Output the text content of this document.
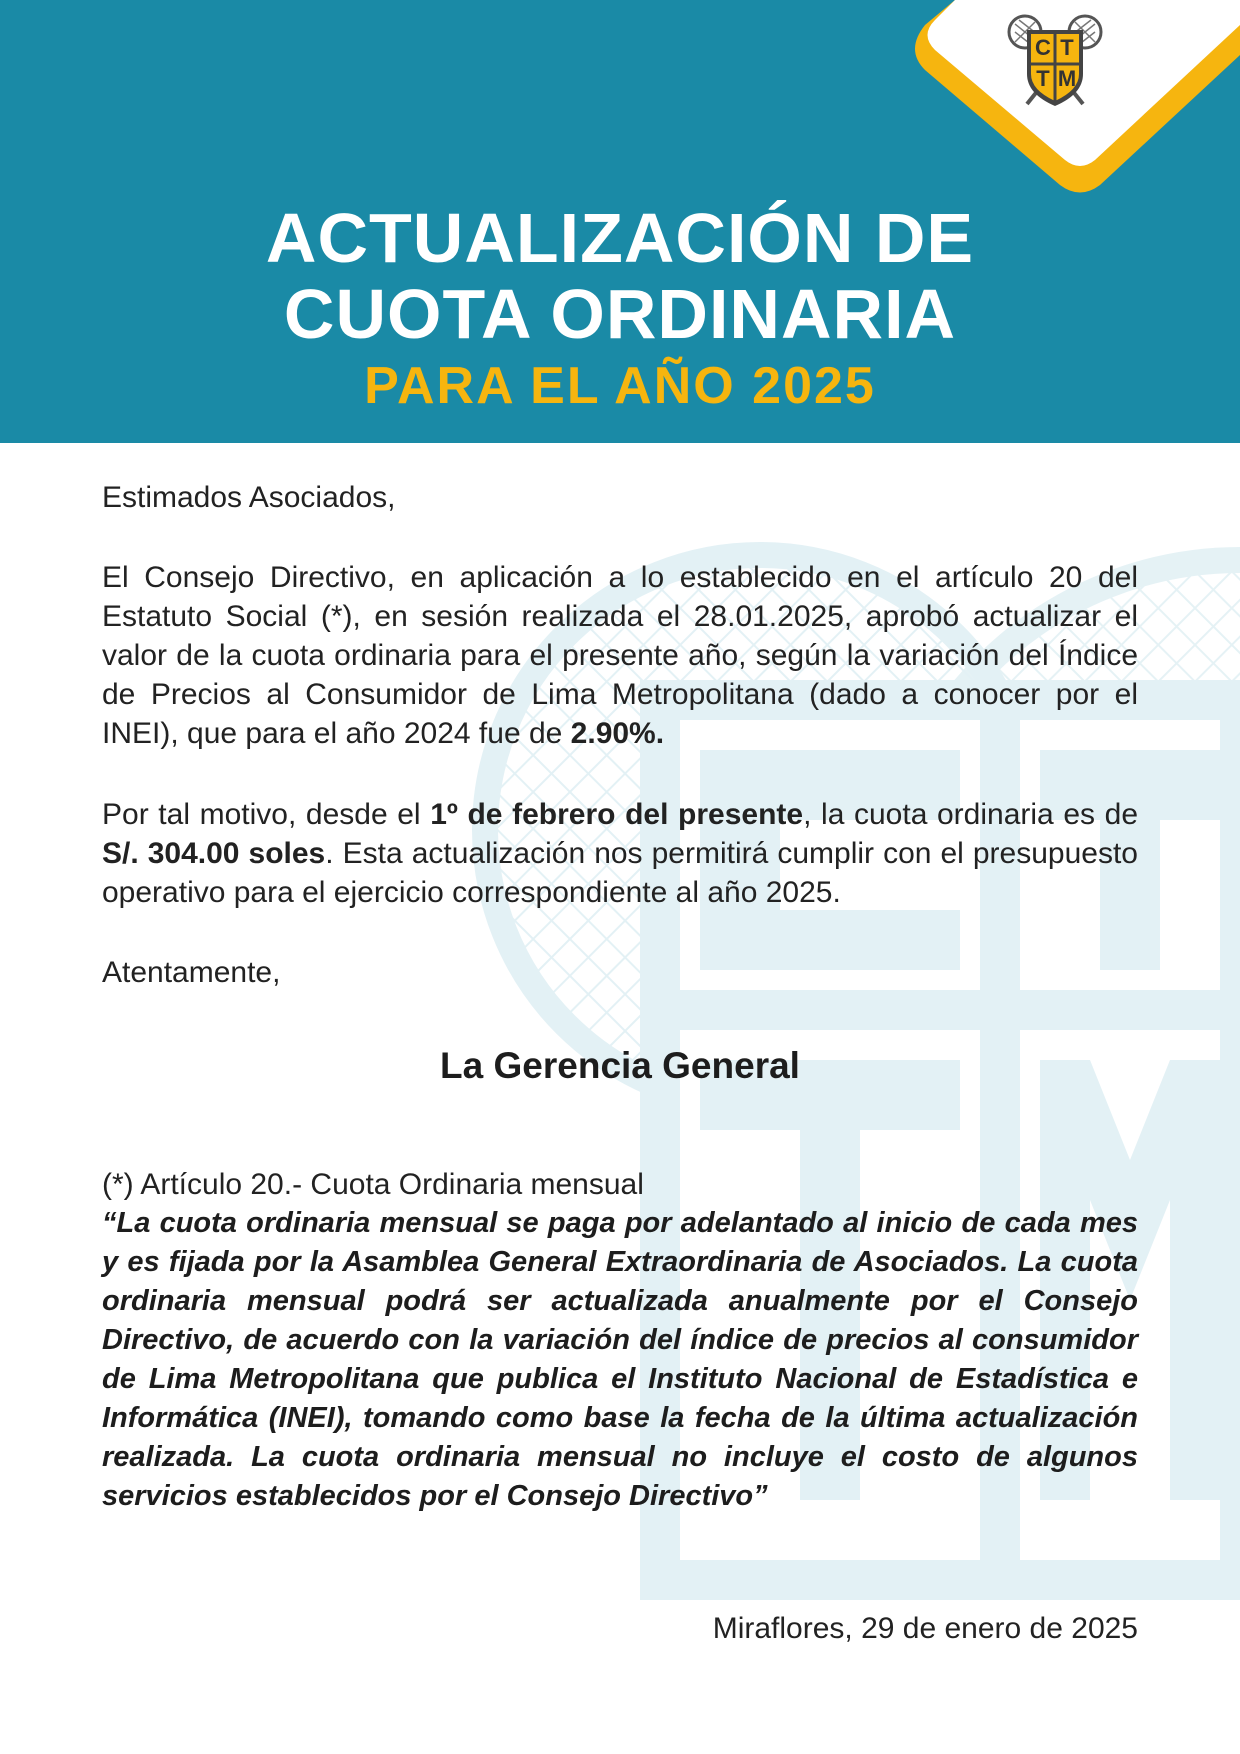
C T
T M
ACTUALIZACIÓN DE
CUOTA ORDINARIA
PARA EL AÑO 2025

Estimados Asociados,

El Consejo Directivo, en aplicación a lo establecido en el artículo 20 del Estatuto Social (*), en sesión realizada el 28.01.2025, aprobó actualizar el valor de la cuota ordinaria para el presente año, según la variación del Índice de Precios al Consumidor de Lima Metropolitana (dado a conocer por el INEI), que para el año 2024 fue de 2.90%.

Por tal motivo, desde el 1º de febrero del presente, la cuota ordinaria es de S/. 304.00 soles. Esta actualización nos permitirá cumplir con el presupuesto operativo para el ejercicio correspondiente al año 2025.

Atentamente,

La Gerencia General

(*) Artículo 20.- Cuota Ordinaria mensual

“La cuota ordinaria mensual se paga por adelantado al inicio de cada mes y es fijada por la Asamblea General Extraordinaria de Asociados. La cuota ordinaria mensual podrá ser actualizada anualmente por el Consejo Directivo, de acuerdo con la variación del índice de precios al consumidor de Lima Metropolitana que publica el Instituto Nacional de Estadística e Informática (INEI), tomando como base la fecha de la última actualización realizada. La cuota ordinaria mensual no incluye el costo de algunos servicios establecidos por el Consejo Directivo”

Miraflores, 29 de enero de 2025
